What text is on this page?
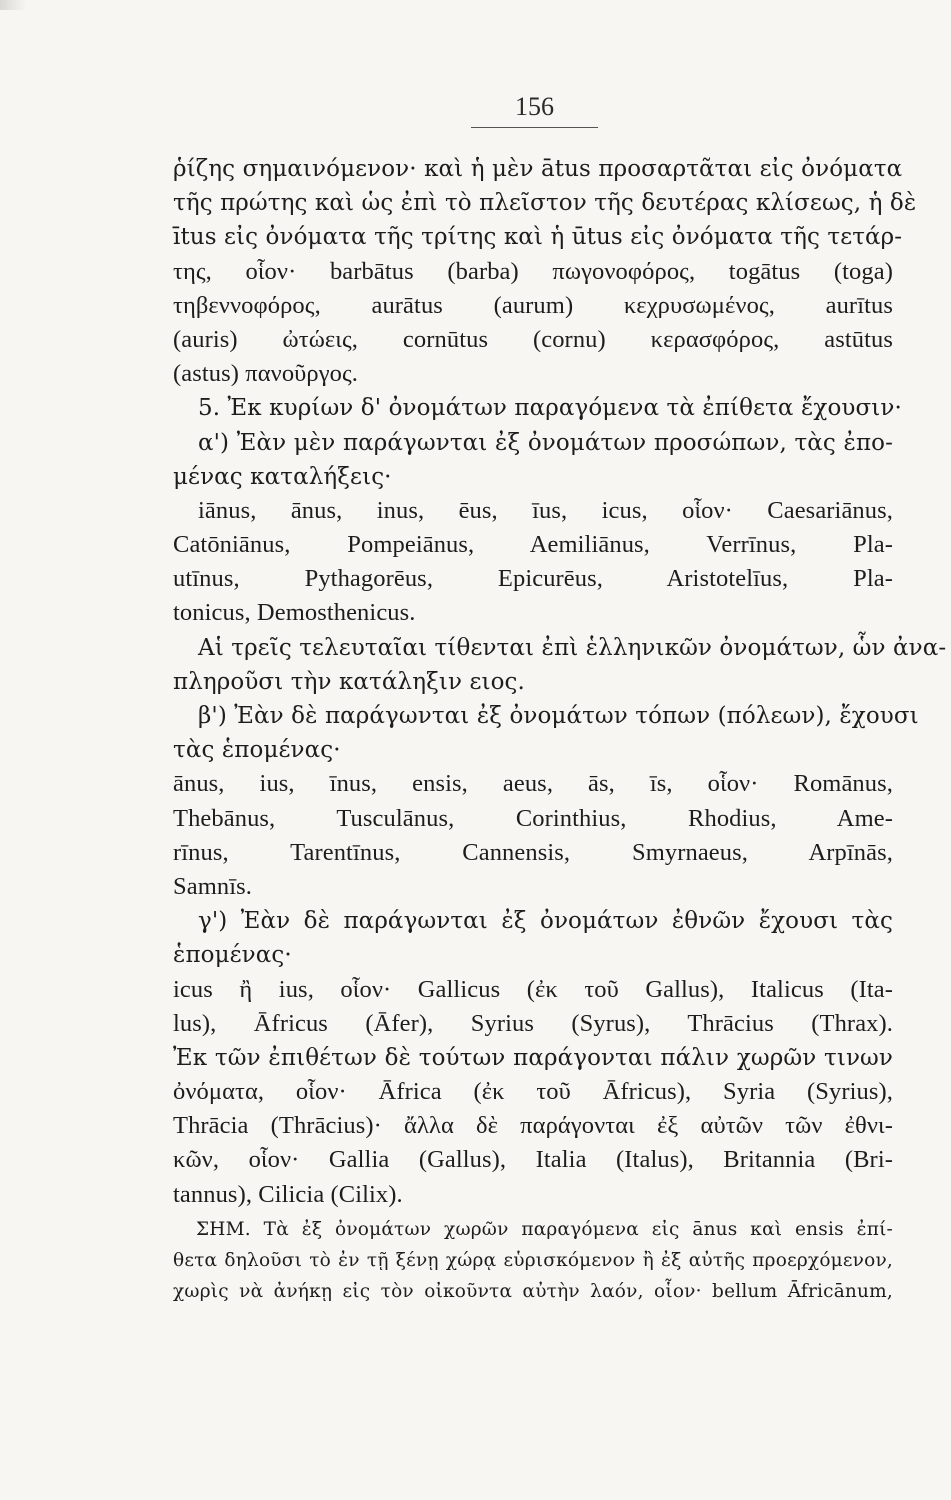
156
ῥίζης σημαινόμενον· καὶ ἡ μὲν ātus προσαρτᾶται εἰς ὀνόματα
τῆς πρώτης καὶ ὡς ἐπὶ τὸ πλεῖστον τῆς δευτέρας κλίσεως, ἡ δὲ
ītus εἰς ὀνόματα τῆς τρίτης καὶ ἡ ūtus εἰς ὀνόματα τῆς τετάρ-
της, οἷον· barbātus (barba) πωγονοφόρος, togātus (toga)
τηβεννοφόρος, aurātus (aurum) κεχρυσωμένος, aurītus
(auris) ὠτώεις, cornūtus (cornu) κερασφόρος, astūtus
(astus) πανοῦργος.
5. Ἐκ κυρίων δ' ὀνομάτων παραγόμενα τὰ ἐπίθετα ἔχουσιν·
α') Ἐὰν μὲν παράγωνται ἐξ ὀνομάτων προσώπων, τὰς ἐπο-
μένας καταλήξεις·
iānus, ānus, inus, ēus, īus, icus, οἷον· Caesariānus,
Catōniānus, Pompeiānus, Aemiliānus, Verrīnus, Pla-
utīnus, Pythagorēus, Epicurēus, Aristotelīus, Pla-
tonicus, Demosthenicus.
Αἱ τρεῖς τελευταῖαι τίθενται ἐπὶ ἑλληνικῶν ὀνομάτων, ὧν ἀνα-
πληροῦσι τὴν κατάληξιν ειος.
β') Ἐὰν δὲ παράγωνται ἐξ ὀνομάτων τόπων (πόλεων), ἔχουσι
τὰς ἑπομένας·
ānus, ius, īnus, ensis, aeus, ās, īs, οἷον· Romānus,
Thebānus, Tusculānus, Corinthius, Rhodius, Ame-
rīnus, Tarentīnus, Cannensis, Smyrnaeus, Arpīnās,
Samnīs.
γ') Ἐὰν δὲ παράγωνται ἐξ ὀνομάτων ἐθνῶν ἔχουσι τὰς
ἑπομένας·
icus ἢ ius, οἷον· Gallicus (ἐκ τοῦ Gallus), Italicus (Ita-
lus), Āfricus (Āfer), Syrius (Syrus), Thrācius (Thrax).
Ἐκ τῶν ἐπιθέτων δὲ τούτων παράγονται πάλιν χωρῶν τινων
ὀνόματα, οἷον· Āfrica (ἐκ τοῦ Āfricus), Syria (Syrius),
Thrācia (Thrācius)· ἄλλα δὲ παράγονται ἐξ αὐτῶν τῶν ἐθνι-
κῶν, οἷον· Gallia (Gallus), Italia (Italus), Britannia (Bri-
tannus), Cilicia (Cilix).
ΣΗΜ. Τὰ ἐξ ὀνομάτων χωρῶν παραγόμενα εἰς ānus καὶ ensis ἐπί-
θετα δηλοῦσι τὸ ἐν τῇ ξένῃ χώρᾳ εὑρισκόμενον ἢ ἐξ αὐτῆς προερχόμενον,
χωρὶς νὰ ἀνήκῃ εἰς τὸν οἰκοῦντα αὐτὴν λαόν, οἷον· bellum Āfricānum,
